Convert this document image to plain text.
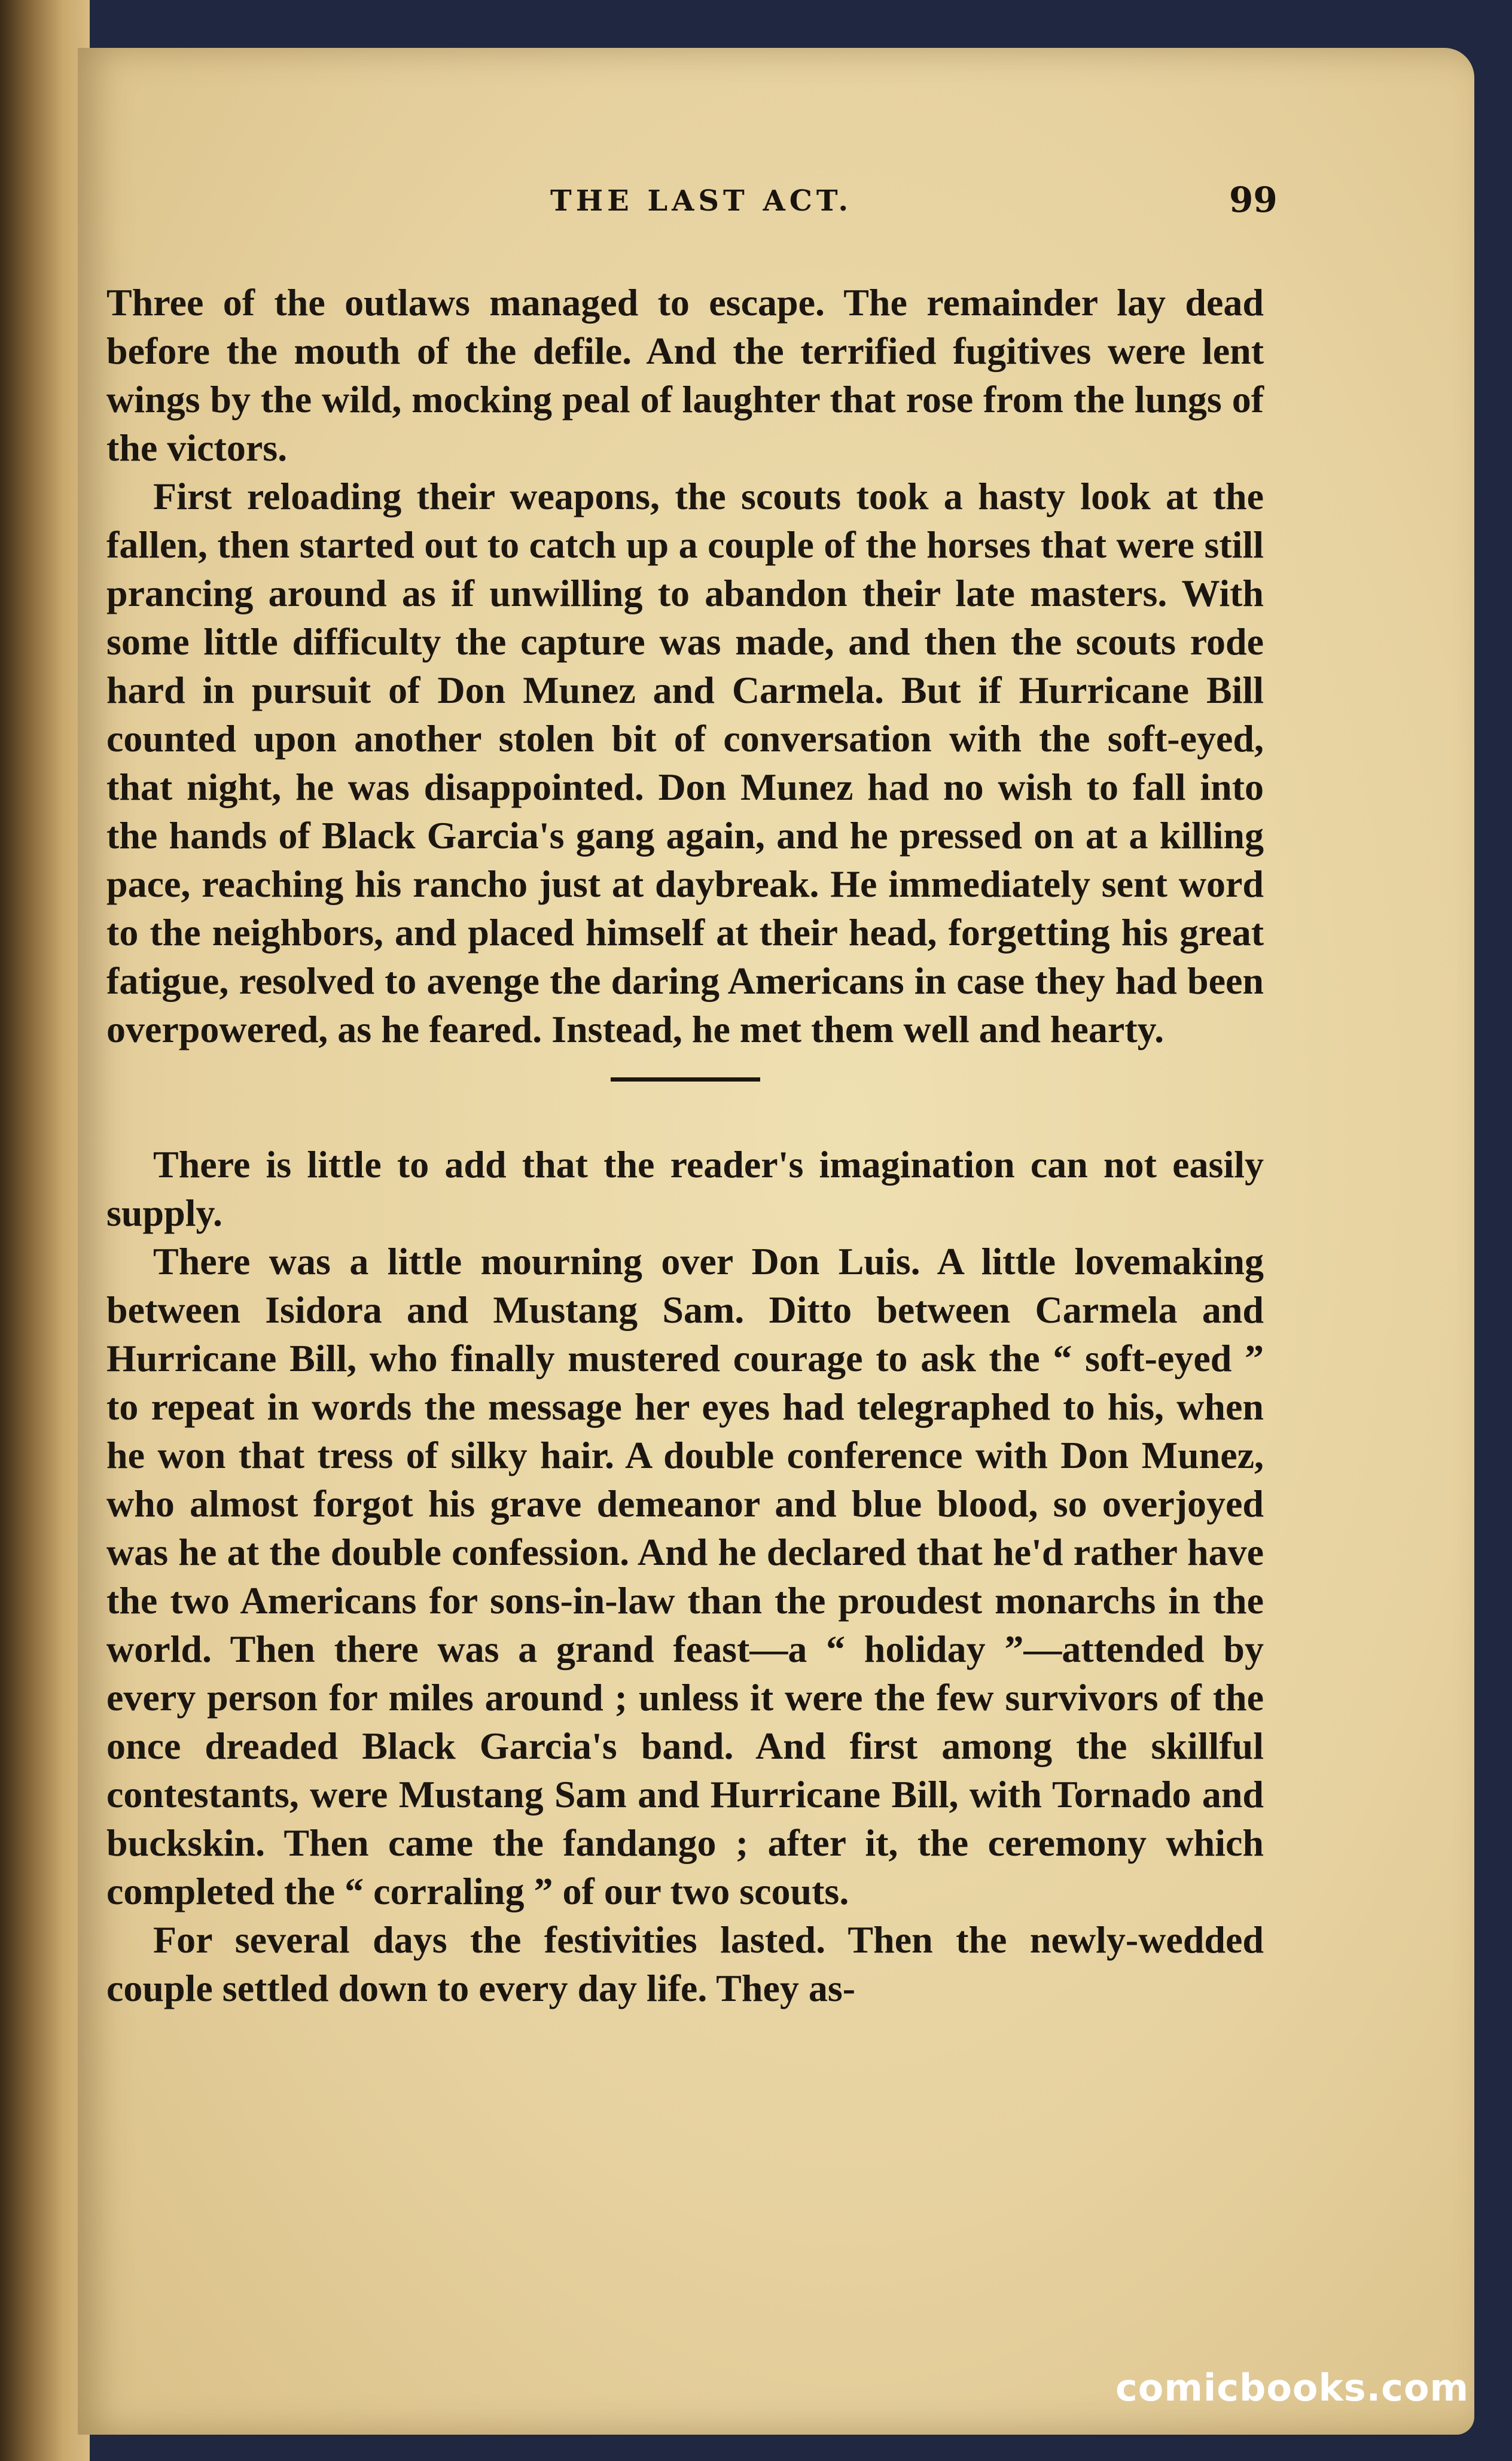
THE LAST ACT.	99

Three of the outlaws managed to escape. The remainder lay dead before the mouth of the defile. And the terrified fugitives were lent wings by the wild, mocking peal of laughter that rose from the lungs of the victors.

First reloading their weapons, the scouts took a hasty look at the fallen, then started out to catch up a couple of the horses that were still prancing around as if unwilling to abandon their late masters. With some little difficulty the capture was made, and then the scouts rode hard in pursuit of Don Munez and Carmela. But if Hurricane Bill counted upon another stolen bit of conversation with the soft-eyed, that night, he was disappointed. Don Munez had no wish to fall into the hands of Black Garcia's gang again, and he pressed on at a killing pace, reaching his rancho just at daybreak. He immediately sent word to the neighbors, and placed himself at their head, forgetting his great fatigue, resolved to avenge the daring Americans in case they had been overpowered, as he feared. Instead, he met them well and hearty.

There is little to add that the reader's imagination can not easily supply.

There was a little mourning over Don Luis. A little lovemaking between Isidora and Mustang Sam. Ditto between Carmela and Hurricane Bill, who finally mustered courage to ask the “ soft-eyed ” to repeat in words the message her eyes had telegraphed to his, when he won that tress of silky hair. A double conference with Don Munez, who almost forgot his grave demeanor and blue blood, so overjoyed was he at the double confession. And he declared that he'd rather have the two Americans for sons-in-law than the proudest monarchs in the world. Then there was a grand feast—a “ holiday ”—attended by every person for miles around ; unless it were the few survivors of the once dreaded Black Garcia's band. And first among the skillful contestants, were Mustang Sam and Hurricane Bill, with Tornado and buckskin. Then came the fandango ; after it, the ceremony which completed the “ corraling ” of our two scouts.

For several days the festivities lasted. Then the newly-wedded couple settled down to every day life. They as-

comicbooks.com
